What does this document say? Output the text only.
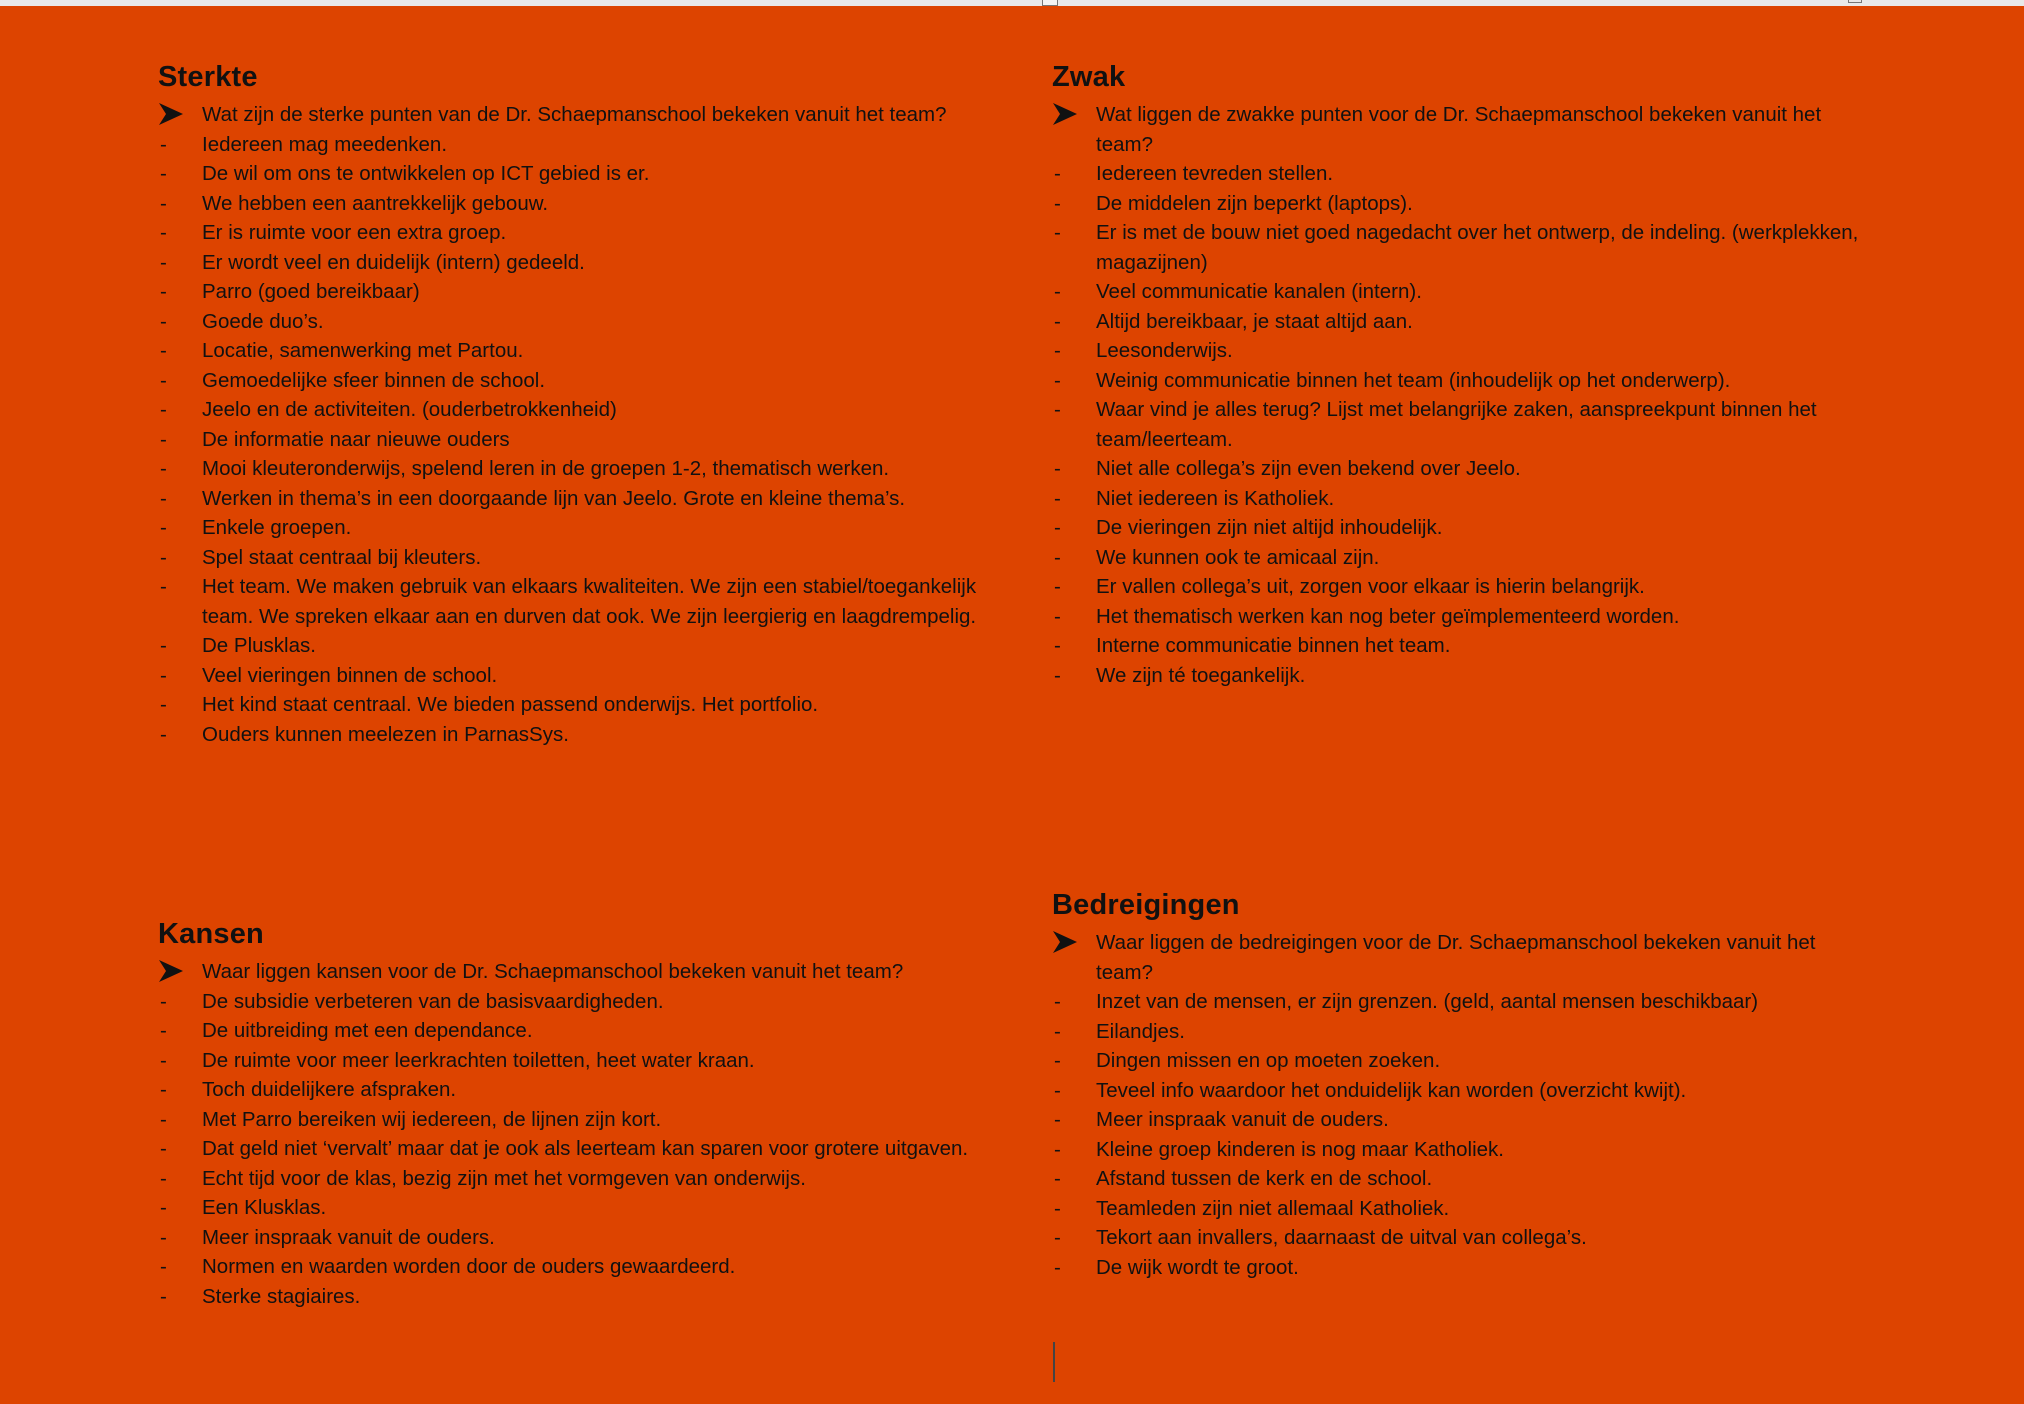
Sterkte
Wat zijn de sterke punten van de Dr. Schaepmanschool bekeken vanuit het team?
- Iedereen mag meedenken.
- De wil om ons te ontwikkelen op ICT gebied is er.
- We hebben een aantrekkelijk gebouw.
- Er is ruimte voor een extra groep.
- Er wordt veel en duidelijk (intern) gedeeld.
- Parro (goed bereikbaar)
- Goede duo’s.
- Locatie, samenwerking met Partou.
- Gemoedelijke sfeer binnen de school.
- Jeelo en de activiteiten. (ouderbetrokkenheid)
- De informatie naar nieuwe ouders
- Mooi kleuteronderwijs, spelend leren in de groepen 1-2, thematisch werken.
- Werken in thema’s in een doorgaande lijn van Jeelo. Grote en kleine thema’s.
- Enkele groepen.
- Spel staat centraal bij kleuters.
- Het team. We maken gebruik van elkaars kwaliteiten. We zijn een stabiel/toegankelijk team. We spreken elkaar aan en durven dat ook. We zijn leergierig en laagdrempelig.
- De Plusklas.
- Veel vieringen binnen de school.
- Het kind staat centraal. We bieden passend onderwijs. Het portfolio.
- Ouders kunnen meelezen in ParnasSys.
Zwak
Wat liggen de zwakke punten voor de Dr. Schaepmanschool bekeken vanuit het team?
- Iedereen tevreden stellen.
- De middelen zijn beperkt (laptops).
- Er is met de bouw niet goed nagedacht over het ontwerp, de indeling. (werkplekken, magazijnen)
- Veel communicatie kanalen (intern).
- Altijd bereikbaar, je staat altijd aan.
- Leesonderwijs.
- Weinig communicatie binnen het team (inhoudelijk op het onderwerp).
- Waar vind je alles terug? Lijst met belangrijke zaken, aanspreekpunt binnen het team/leerteam.
- Niet alle collega’s zijn even bekend over Jeelo.
- Niet iedereen is Katholiek.
- De vieringen zijn niet altijd inhoudelijk.
- We kunnen ook te amicaal zijn.
- Er vallen collega’s uit, zorgen voor elkaar is hierin belangrijk.
- Het thematisch werken kan nog beter geïmplementeerd worden.
- Interne communicatie binnen het team.
- We zijn té toegankelijk.
Kansen
Waar liggen kansen voor de Dr. Schaepmanschool bekeken vanuit het team?
- De subsidie verbeteren van de basisvaardigheden.
- De uitbreiding met een dependance.
- De ruimte voor meer leerkrachten toiletten, heet water kraan.
- Toch duidelijkere afspraken.
- Met Parro bereiken wij iedereen, de lijnen zijn kort.
- Dat geld niet ‘vervalt’ maar dat je ook als leerteam kan sparen voor grotere uitgaven.
- Echt tijd voor de klas, bezig zijn met het vormgeven van onderwijs.
- Een Klusklas.
- Meer inspraak vanuit de ouders.
- Normen en waarden worden door de ouders gewaardeerd.
- Sterke stagiaires.
Bedreigingen
Waar liggen de bedreigingen voor de Dr. Schaepmanschool bekeken vanuit het team?
- Inzet van de mensen, er zijn grenzen. (geld, aantal mensen beschikbaar)
- Eilandjes.
- Dingen missen en op moeten zoeken.
- Teveel info waardoor het onduidelijk kan worden (overzicht kwijt).
- Meer inspraak vanuit de ouders.
- Kleine groep kinderen is nog maar Katholiek.
- Afstand tussen de kerk en de school.
- Teamleden zijn niet allemaal Katholiek.
- Tekort aan invallers, daarnaast de uitval van collega’s.
- De wijk wordt te groot.
